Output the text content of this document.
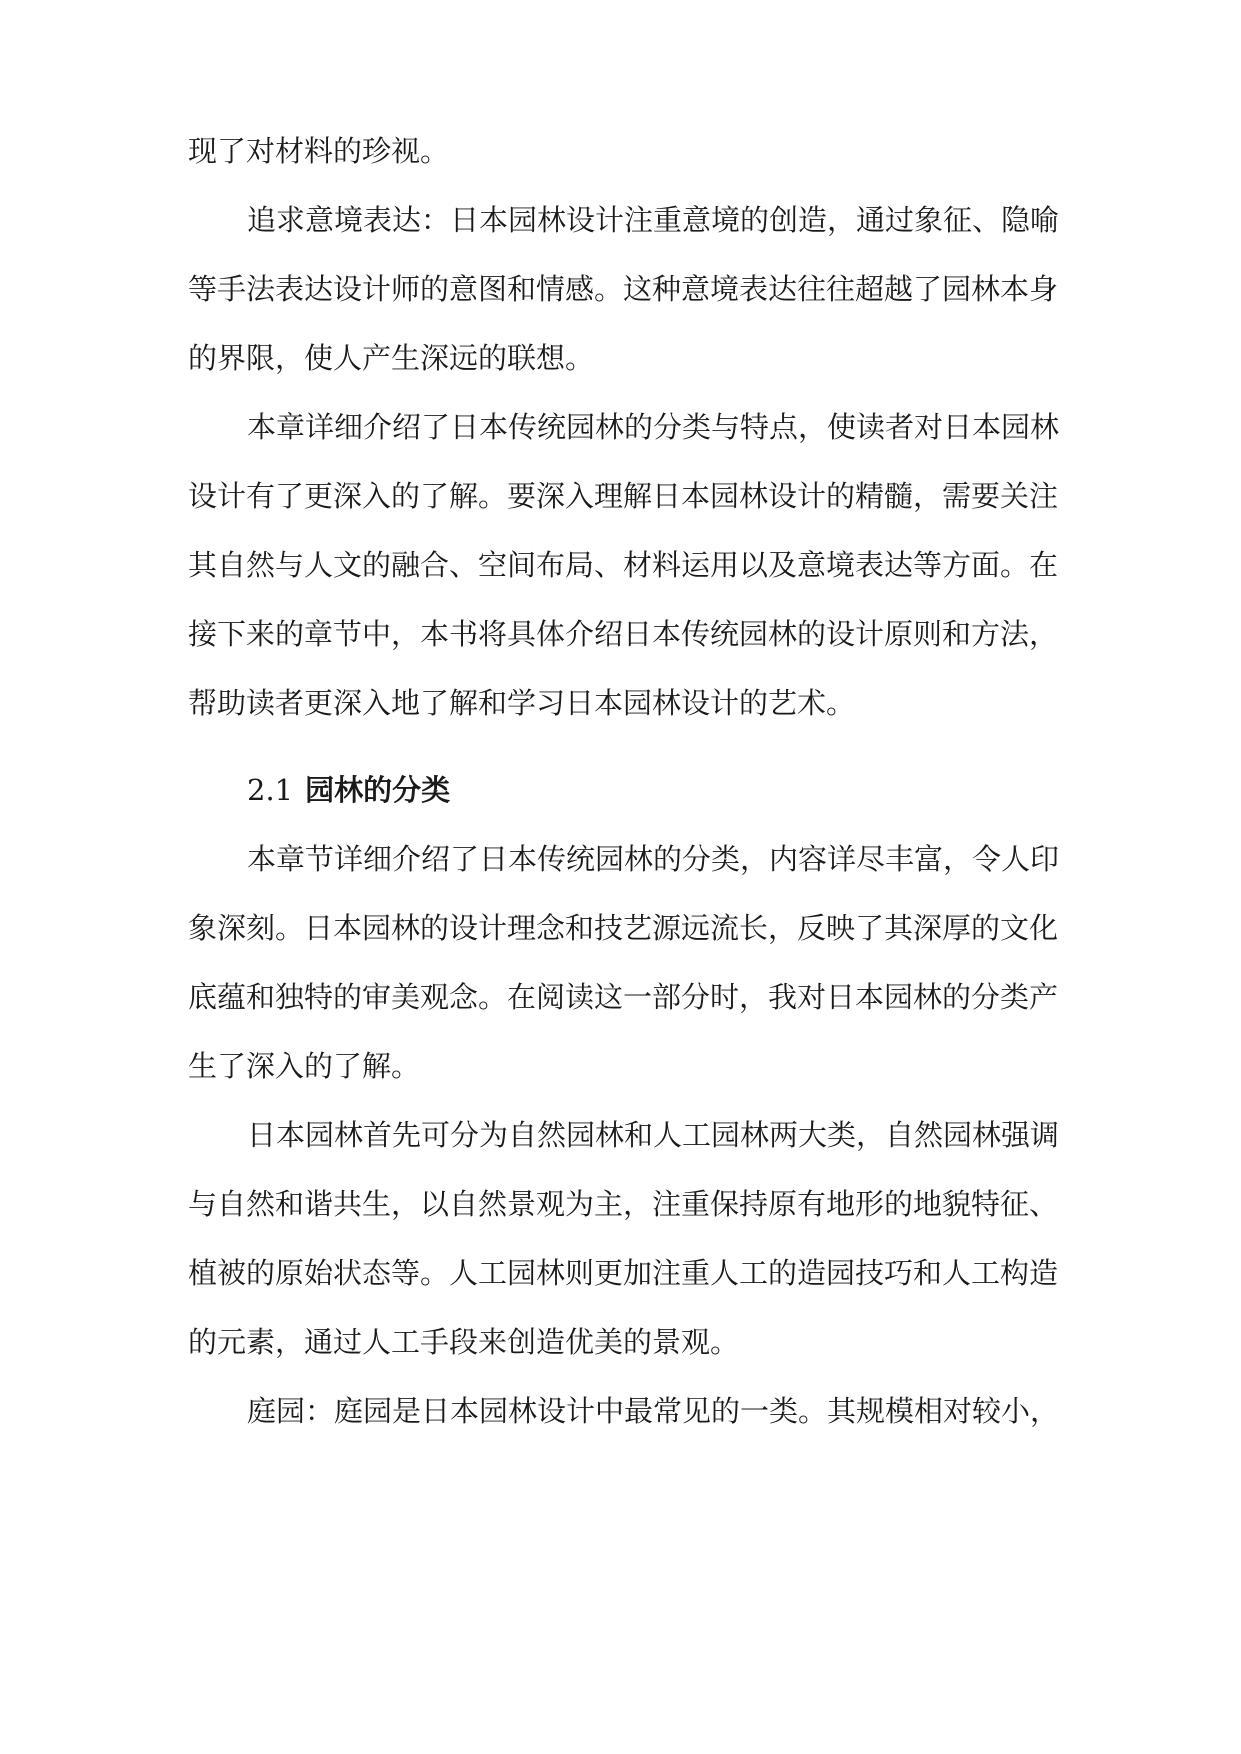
现了对材料的珍视。
追求意境表达：日本园林设计注重意境的创造，通过象征、隐喻
等手法表达设计师的意图和情感。这种意境表达往往超越了园林本身
的界限，使人产生深远的联想。
本章详细介绍了日本传统园林的分类与特点，使读者对日本园林
设计有了更深入的了解。要深入理解日本园林设计的精髓，需要关注
其自然与人文的融合、空间布局、材料运用以及意境表达等方面。在
接下来的章节中，本书将具体介绍日本传统园林的设计原则和方法，
帮助读者更深入地了解和学习日本园林设计的艺术。
2.1 园林的分类
本章节详细介绍了日本传统园林的分类，内容详尽丰富，令人印
象深刻。日本园林的设计理念和技艺源远流长，反映了其深厚的文化
底蕴和独特的审美观念。在阅读这一部分时，我对日本园林的分类产
生了深入的了解。
日本园林首先可分为自然园林和人工园林两大类，自然园林强调
与自然和谐共生，以自然景观为主，注重保持原有地形的地貌特征、
植被的原始状态等。人工园林则更加注重人工的造园技巧和人工构造
的元素，通过人工手段来创造优美的景观。
庭园：庭园是日本园林设计中最常见的一类。其规模相对较小，
